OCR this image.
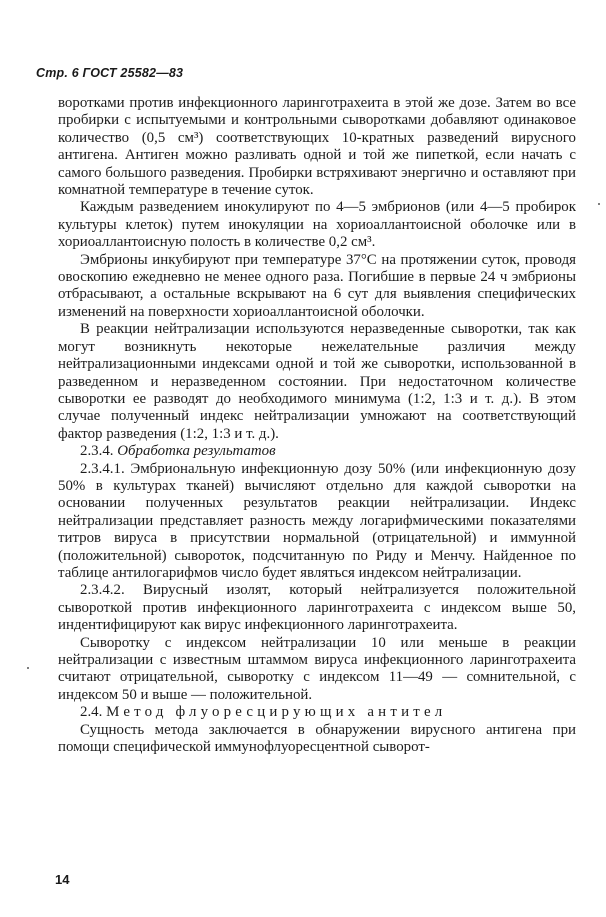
Стр. 6 ГОСТ 25582—83

воротками против инфекционного ларинготрахеита в этой же дозе. Затем во все пробирки с испытуемыми и контрольными сыворотками добавляют одинаковое количество (0,5 см³) соответствующих 10-кратных разведений вирусного антигена. Антиген можно разливать одной и той же пипеткой, если начать с самого большого разведения. Пробирки встряхивают энергично и оставляют при комнатной температуре в течение суток.

Каждым разведением инокулируют по 4—5 эмбрионов (или 4—5 пробирок культуры клеток) путем инокуляции на хориоаллантоисной оболочке или в хориоаллантоисную полость в количестве 0,2 см³.

Эмбрионы инкубируют при температуре 37°С на протяжении суток, проводя овоскопию ежедневно не менее одного раза. Погибшие в первые 24 ч эмбрионы отбрасывают, а остальные вскрывают на 6 сут для выявления специфических изменений на поверхности хориоаллантоисной оболочки.

В реакции нейтрализации используются неразведенные сыворотки, так как могут возникнуть некоторые нежелательные различия между нейтрализационными индексами одной и той же сыворотки, использованной в разведенном и неразведенном состоянии. При недостаточном количестве сыворотки ее разводят до необходимого минимума (1:2, 1:3 и т. д.). В этом случае полученный индекс нейтрализации умножают на соответствующий фактор разведения (1:2, 1:3 и т. д.).

2.3.4. Обработка результатов

2.3.4.1. Эмбриональную инфекционную дозу 50% (или инфекционную дозу 50% в культурах тканей) вычисляют отдельно для каждой сыворотки на основании полученных результатов реакции нейтрализации. Индекс нейтрализации представляет разность между логарифмическими показателями титров вируса в присутствии нормальной (отрицательной) и иммунной (положительной) сывороток, подсчитанную по Риду и Менчу. Найденное по таблице антилогарифмов число будет являться индексом нейтрализации.

2.3.4.2. Вирусный изолят, который нейтрализуется положительной сывороткой против инфекционного ларинготрахеита с индексом выше 50, индентифицируют как вирус инфекционного ларинготрахеита.

Сыворотку с индексом нейтрализации 10 или меньше в реакции нейтрализации с известным штаммом вируса инфекционного ларинготрахеита считают отрицательной, сыворотку с индексом 11—49 — сомнительной, с индексом 50 и выше — положительной.

2.4. Метод флуоресцирующих антител

Сущность метода заключается в обнаружении вирусного антигена при помощи специфической иммунофлуоресцентной сыворот-

14
